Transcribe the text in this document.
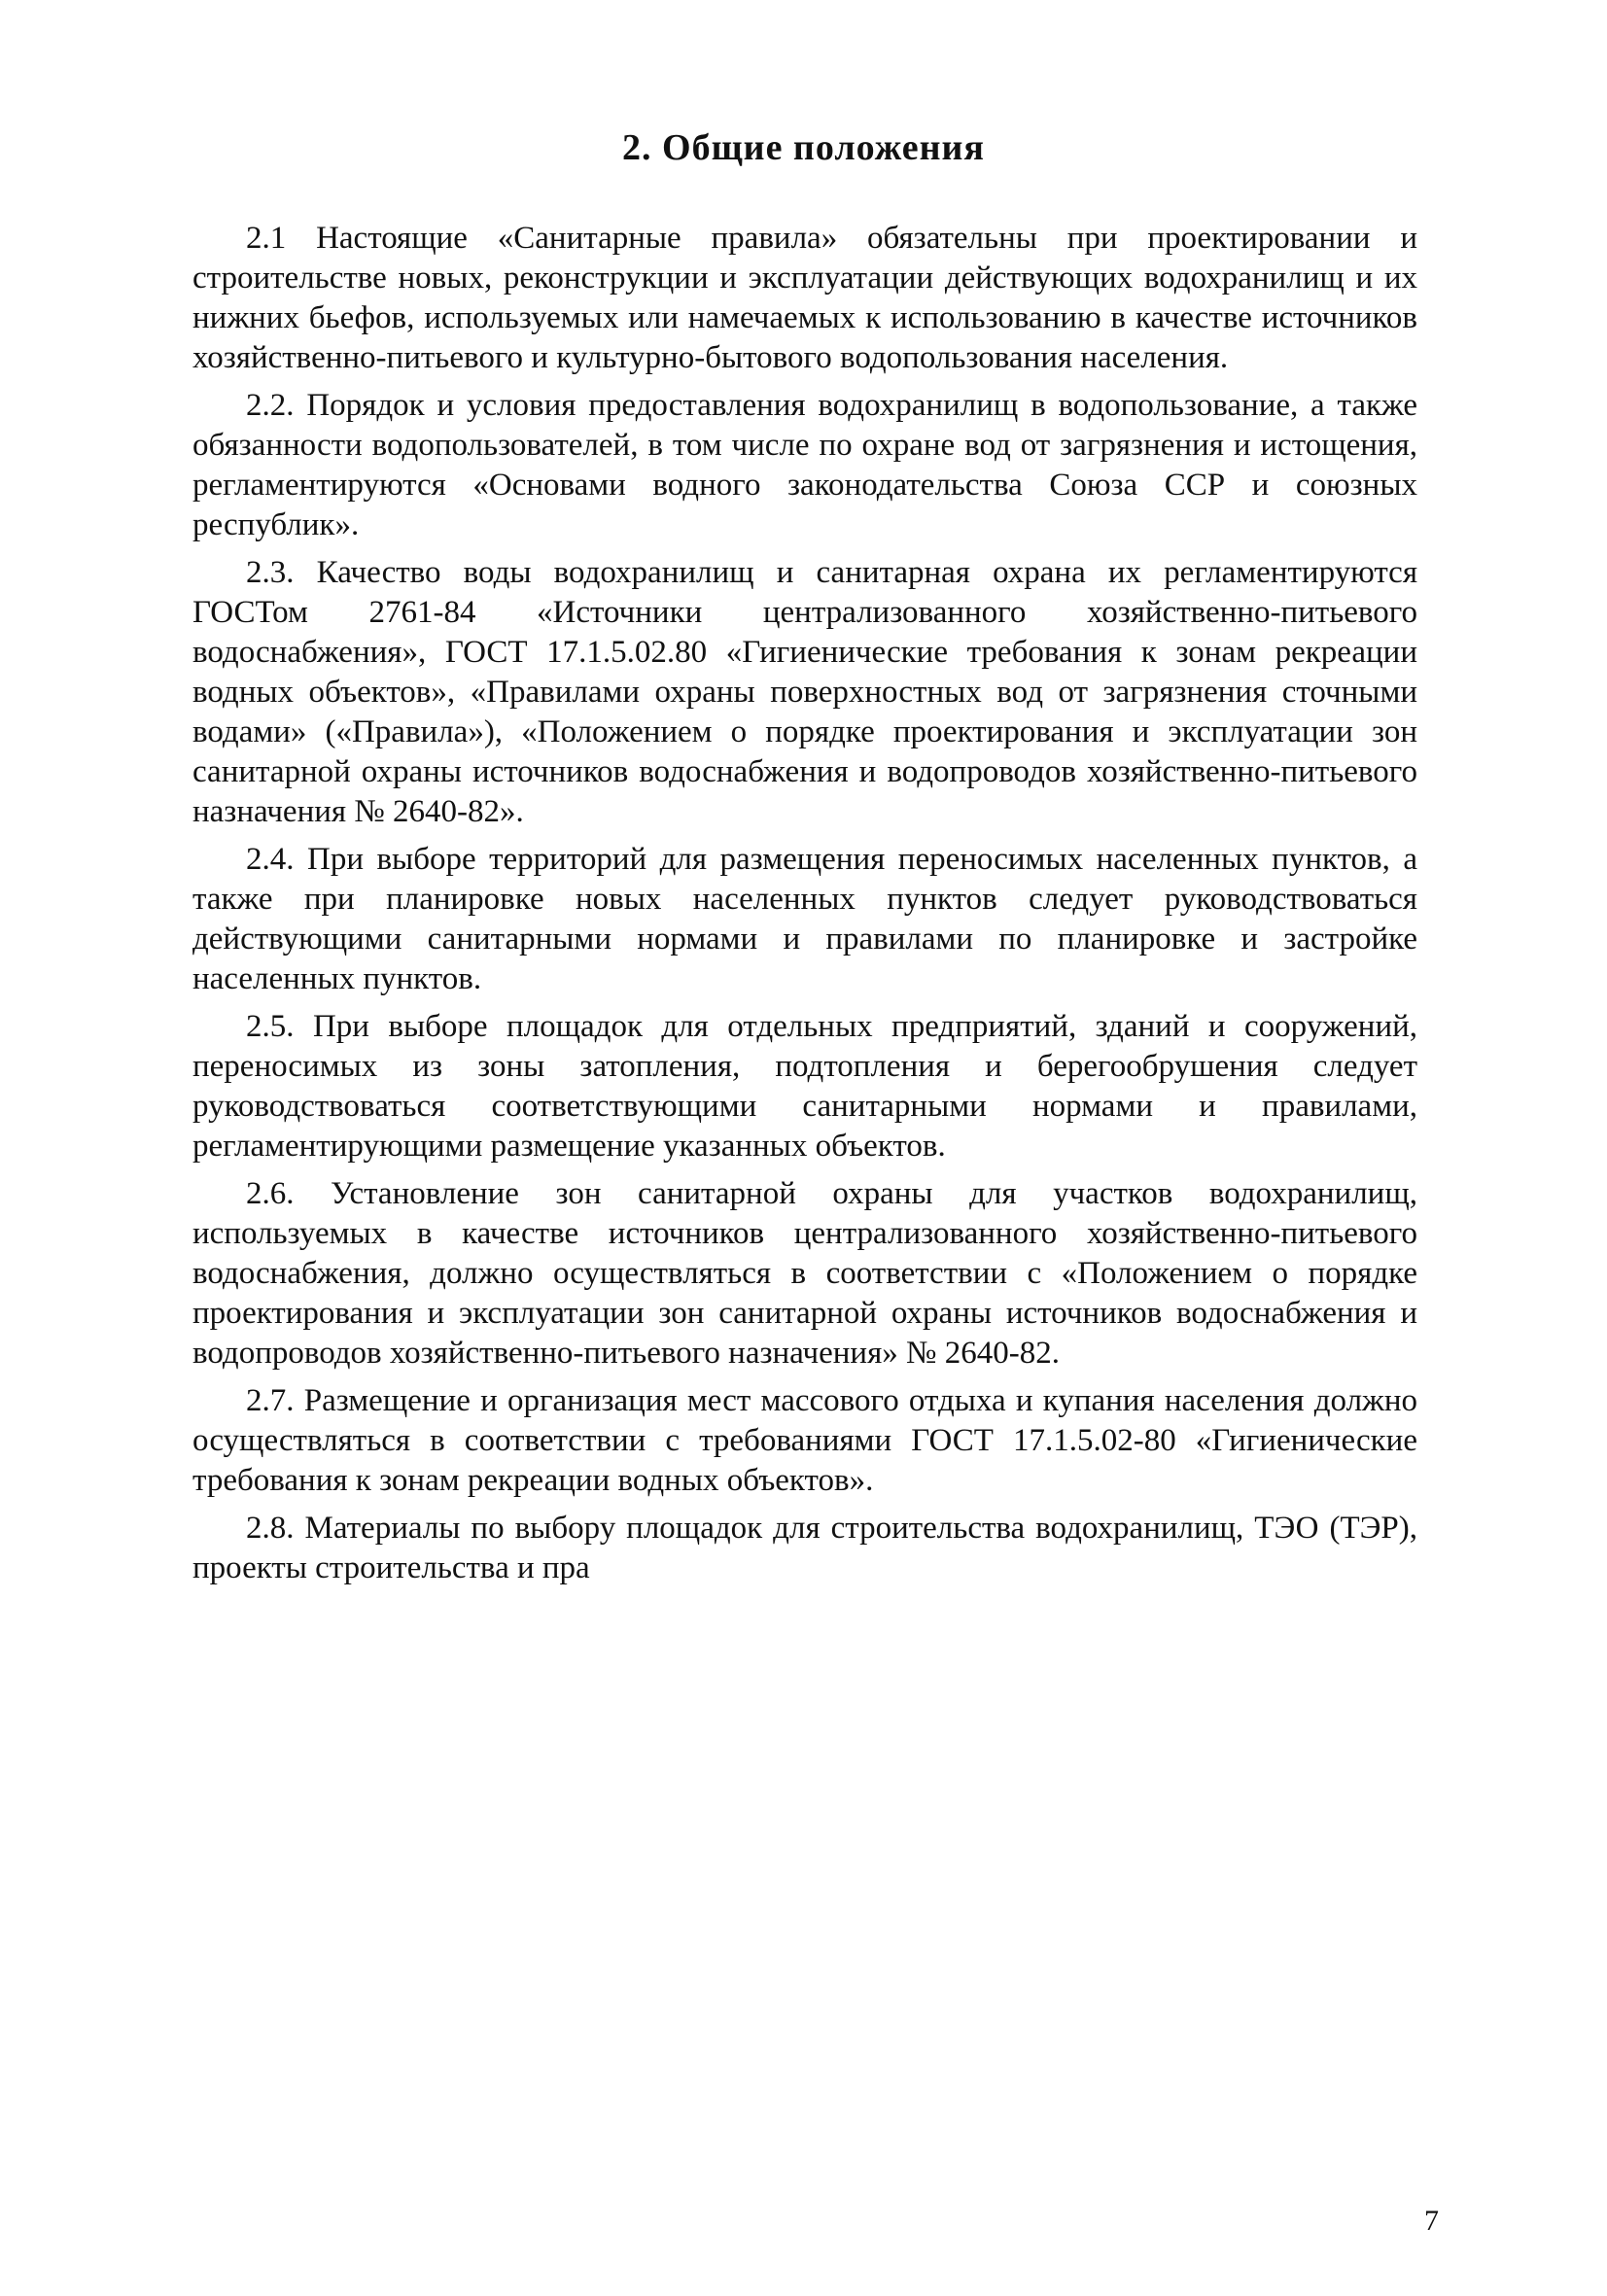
2. Общие положения

2.1 Настоящие «Санитарные правила» обязательны при проектировании и строительстве новых, реконструкции и эксплуатации действующих водохранилищ и их нижних бьефов, используемых или намечаемых к использованию в качестве источников хозяйственно-питьевого и культурно-бытового водопользования населения.

2.2. Порядок и условия предоставления водохранилищ в водопользование, а также обязанности водопользователей, в том числе по охране вод от загрязнения и истощения, регламентируются «Основами водного законодательства Союза ССР и союзных республик».

2.3. Качество воды водохранилищ и санитарная охрана их регламентируются ГОСТом 2761-84 «Источники централизованного хозяйственно-питьевого водоснабжения», ГОСТ 17.1.5.02.80 «Гигиенические требования к зонам рекреации водных объектов», «Правилами охраны поверхностных вод от загрязнения сточными водами» («Правила»), «Положением о порядке проектирования и эксплуатации зон санитарной охраны источников водоснабжения и водопроводов хозяйственно-питьевого назначения № 2640-82».

2.4. При выборе территорий для размещения переносимых населенных пунктов, а также при планировке новых населенных пунктов следует руководствоваться действующими санитарными нормами и правилами по планировке и застройке населенных пунктов.

2.5. При выборе площадок для отдельных предприятий, зданий и сооружений, переносимых из зоны затопления, подтопления и берегообрушения следует руководствоваться соответствующими санитарными нормами и правилами, регламентирующими размещение указанных объектов.

2.6. Установление зон санитарной охраны для участков водохранилищ, используемых в качестве источников централизованного хозяйственно-питьевого водоснабжения, должно осуществляться в соответствии с «Положением о порядке проектирования и эксплуатации зон санитарной охраны источников водоснабжения и водопроводов хозяйственно-питьевого назначения» № 2640-82.

2.7. Размещение и организация мест массового отдыха и купания населения должно осуществляться в соответствии с требованиями ГОСТ 17.1.5.02-80 «Гигиенические требования к зонам рекреации водных объектов».

2.8. Материалы по выбору площадок для строительства водохранилищ, ТЭО (ТЭР), проекты строительства и пра

7
